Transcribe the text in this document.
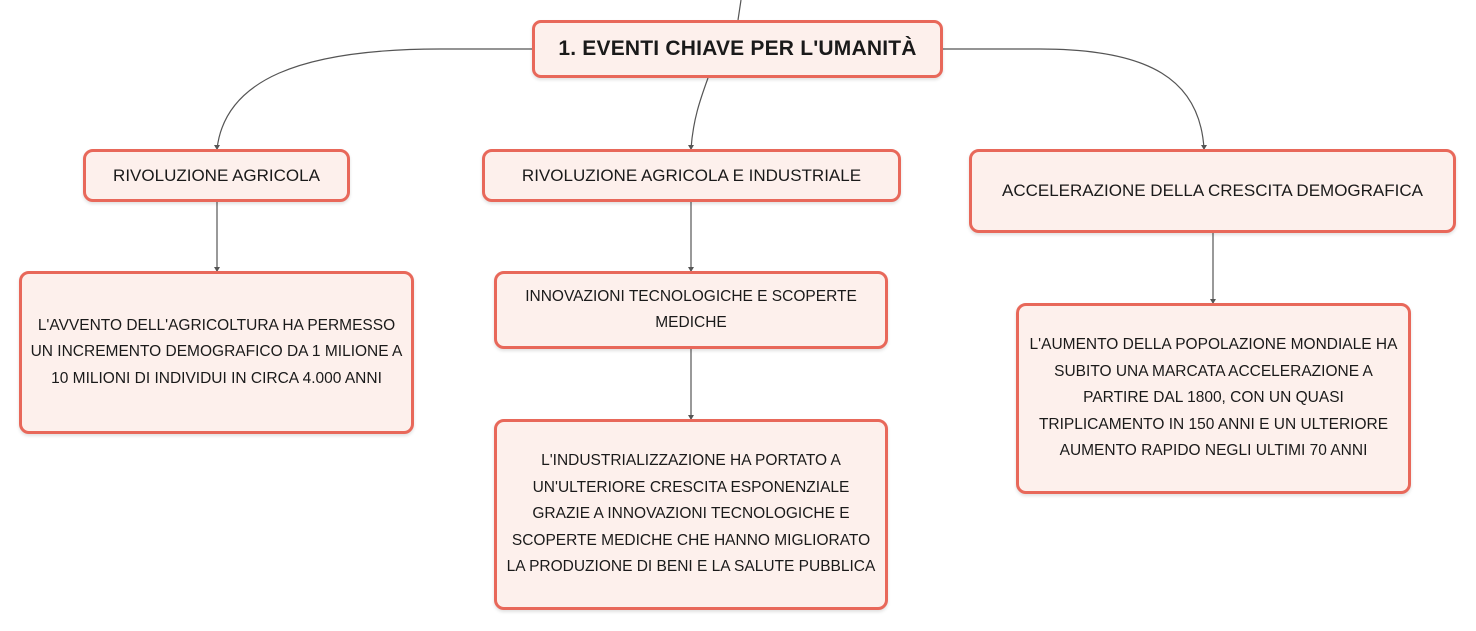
1. EVENTI CHIAVE PER L'UMANITÀ
RIVOLUZIONE AGRICOLA	RIVOLUZIONE AGRICOLA E INDUSTRIALE
ACCELERAZIONE DELLA CRESCITA DEMOGRAFICA
L'AVVENTO DELL'AGRICOLTURA HA PERMESSO UN INCREMENTO DEMOGRAFICO DA 1 MILIONE A 10 MILIONI DI INDIVIDUI IN CIRCA 4.000 ANNI
INNOVAZIONI TECNOLOGICHE E SCOPERTE MEDICHE
L'INDUSTRIALIZZAZIONE HA PORTATO A UN'ULTERIORE CRESCITA ESPONENZIALE GRAZIE A INNOVAZIONI TECNOLOGICHE E SCOPERTE MEDICHE CHE HANNO MIGLIORATO LA PRODUZIONE DI BENI E LA SALUTE PUBBLICA
L'AUMENTO DELLA POPOLAZIONE MONDIALE HA SUBITO UNA MARCATA ACCELERAZIONE A PARTIRE DAL 1800, CON UN QUASI TRIPLICAMENTO IN 150 ANNI E UN ULTERIORE AUMENTO RAPIDO NEGLI ULTIMI 70 ANNI
